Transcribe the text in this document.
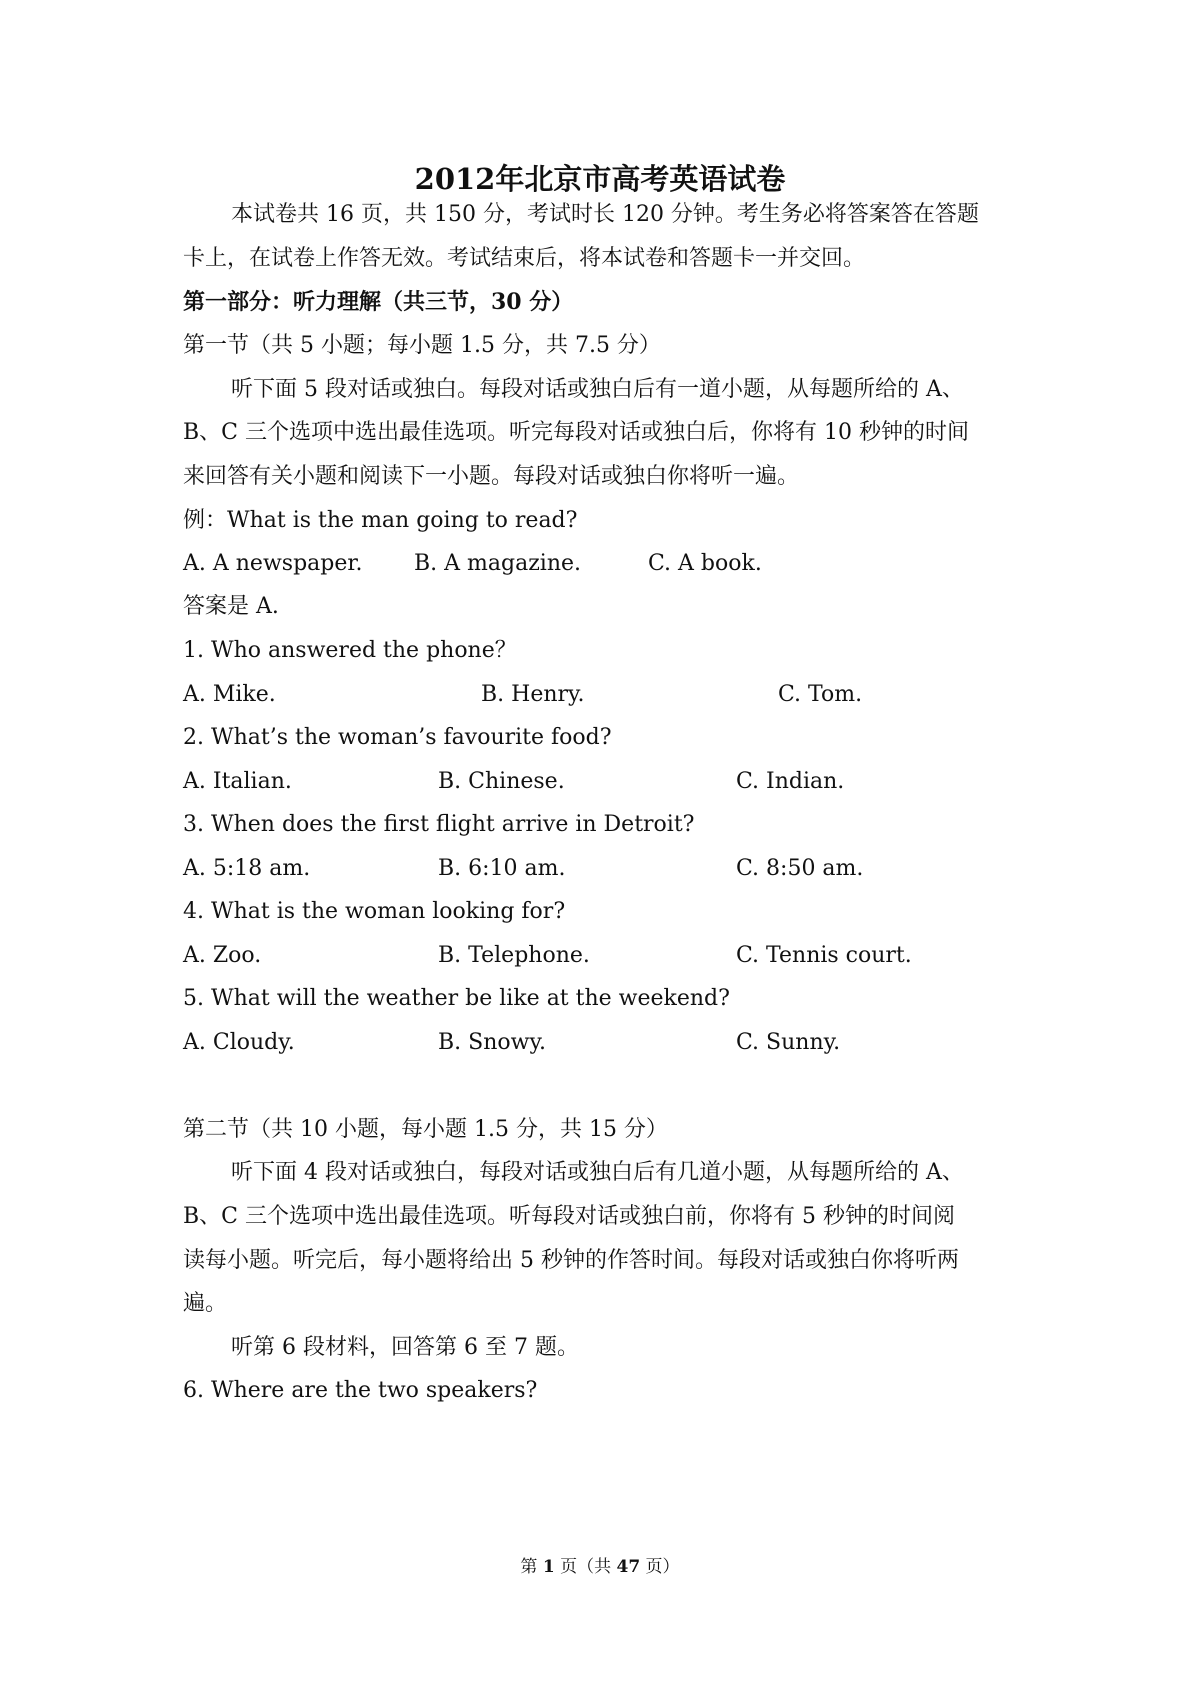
2012年北京市高考英语试卷
本试卷共 16 页，共 150 分，考试时长 120 分钟。考生务必将答案答在答题
卡上，在试卷上作答无效。考试结束后，将本试卷和答题卡一并交回。
第一部分：听力理解（共三节，30 分）
第一节（共 5 小题；每小题 1.5 分，共 7.5 分）
听下面 5 段对话或独白。每段对话或独白后有一道小题，从每题所给的 A、
B、C 三个选项中选出最佳选项。听完每段对话或独白后，你将有 10 秒钟的时间
来回答有关小题和阅读下一小题。每段对话或独白你将听一遍。
例：What is the man going to read?
A. A newspaper. B. A magazine.	C. A book.
答案是 A.
1. Who answered the phone？
A. Mike.	B. Henry.	C. Tom.
2. What’s the woman’s favourite food?
A. Italian.	B. Chinese.	C. Indian.
3. When does the first flight arrive in Detroit?
A. 5:18 am.	B. 6:10 am.	C. 8:50 am.
4. What is the woman looking for?
A. Zoo.	B. Telephone.	C. Tennis court.
5. What will the weather be like at the weekend?
A. Cloudy.	B. Snowy.	C. Sunny.
第二节（共 10 小题，每小题 1.5 分，共 15 分）
听下面 4 段对话或独白，每段对话或独白后有几道小题，从每题所给的 A、
B、C 三个选项中选出最佳选项。听每段对话或独白前，你将有 5 秒钟的时间阅
读每小题。听完后，每小题将给出 5 秒钟的作答时间。每段对话或独白你将听两
遍。
听第 6 段材料，回答第 6 至 7 题。
6. Where are the two speakers?
第 1 页（共 47 页）
